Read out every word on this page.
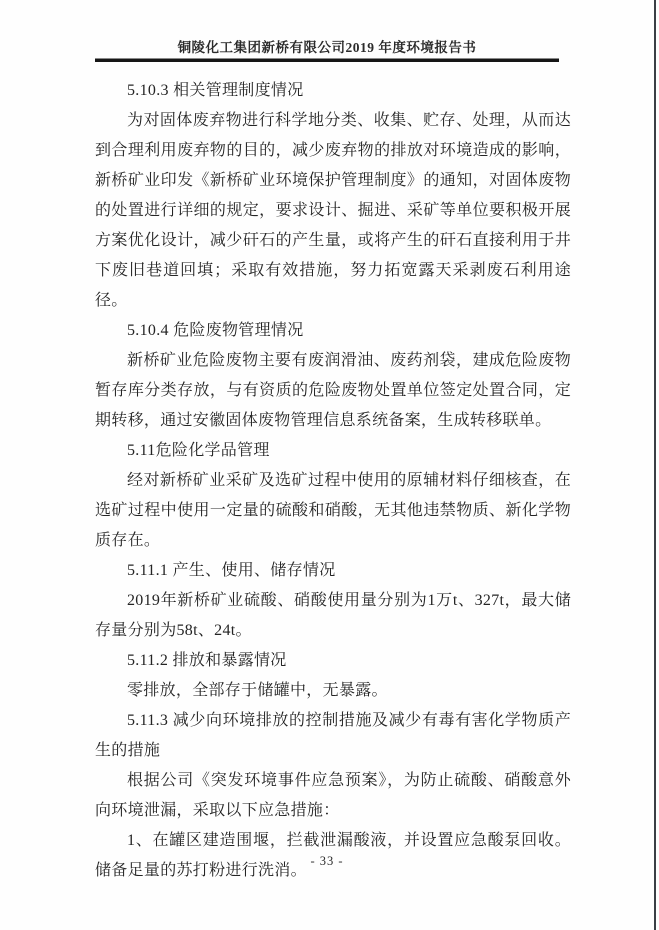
铜陵化工集团新桥有限公司2019 年度环境报告书
5.10.3 相关管理制度情况
为对固体废弃物进行科学地分类、收集、贮存、处理，从而达到合理利用废弃物的目的，减少废弃物的排放对环境造成的影响，新桥矿业印发《新桥矿业环境保护管理制度》的通知，对固体废物的处置进行详细的规定，要求设计、掘进、采矿等单位要积极开展方案优化设计，减少矸石的产生量，或将产生的矸石直接利用于井下废旧巷道回填；采取有效措施，努力拓宽露天采剥废石利用途径。
5.10.4 危险废物管理情况
新桥矿业危险废物主要有废润滑油、废药剂袋，建成危险废物暂存库分类存放，与有资质的危险废物处置单位签定处置合同，定期转移，通过安徽固体废物管理信息系统备案，生成转移联单。
5.11危险化学品管理
经对新桥矿业采矿及选矿过程中使用的原辅材料仔细核查，在选矿过程中使用一定量的硫酸和硝酸，无其他违禁物质、新化学物质存在。
5.11.1 产生、使用、储存情况
2019年新桥矿业硫酸、硝酸使用量分别为1万t、327t，最大储存量分别为58t、24t。
5.11.2 排放和暴露情况
零排放，全部存于储罐中，无暴露。
5.11.3 减少向环境排放的控制措施及减少有毒有害化学物质产生的措施
根据公司《突发环境事件应急预案》，为防止硫酸、硝酸意外向环境泄漏，采取以下应急措施：
1、在罐区建造围堰，拦截泄漏酸液，并设置应急酸泵回收。储备足量的苏打粉进行洗消。
- 33 -
